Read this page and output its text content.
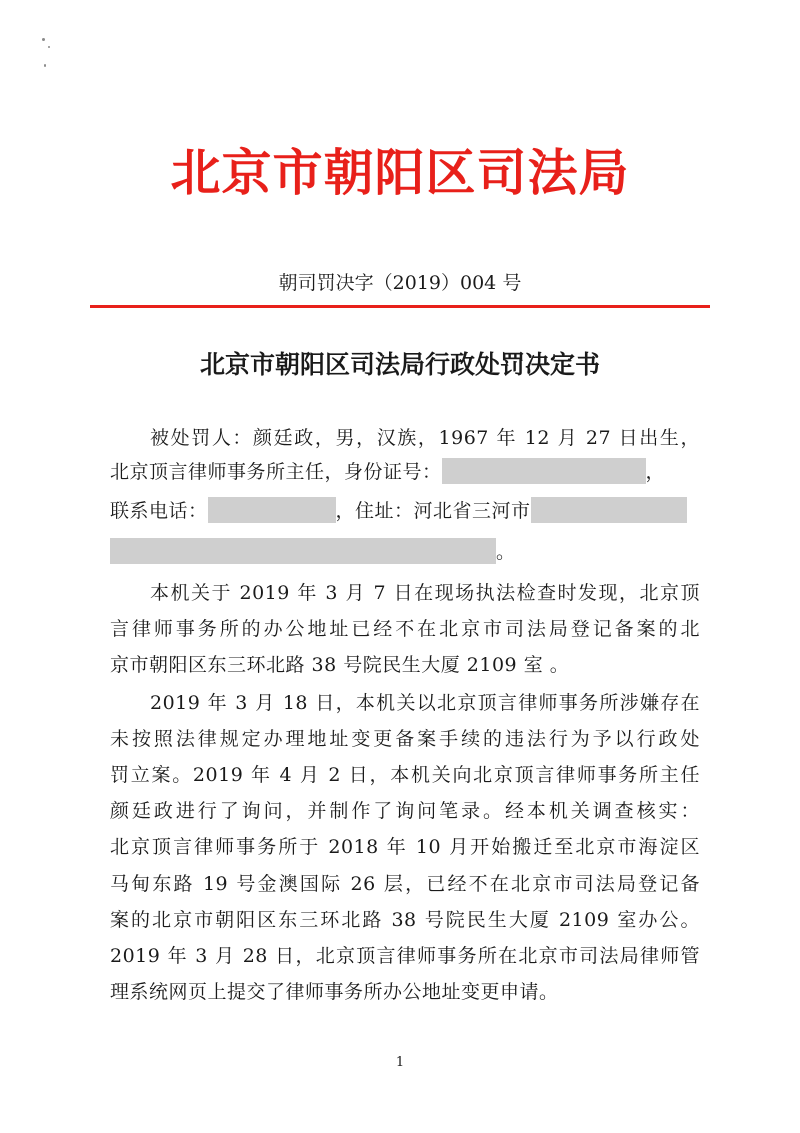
北京市朝阳区司法局
朝司罚决字（2019）004 号
北京市朝阳区司法局行政处罚决定书
被处罚人：颜廷政，男，汉族，1967 年 12 月 27 日出生，
北京顶言律师事务所主任，身份证号：	，
联系电话：	，住址：河北省三河市
。
本机关于 2019 年 3 月 7 日在现场执法检查时发现，北京顶
言律师事务所的办公地址已经不在北京市司法局登记备案的北
京市朝阳区东三环北路 38 号院民生大厦 2109 室 。
2019 年 3 月 18 日，本机关以北京顶言律师事务所涉嫌存在
未按照法律规定办理地址变更备案手续的违法行为予以行政处
罚立案。2019 年 4 月 2 日，本机关向北京顶言律师事务所主任
颜廷政进行了询问，并制作了询问笔录。经本机关调查核实：
北京顶言律师事务所于 2018 年 10 月开始搬迁至北京市海淀区
马甸东路 19 号金澳国际 26 层，已经不在北京市司法局登记备
案的北京市朝阳区东三环北路 38 号院民生大厦 2109 室办公。
2019 年 3 月 28 日，北京顶言律师事务所在北京市司法局律师管
理系统网页上提交了律师事务所办公地址变更申请。
1
